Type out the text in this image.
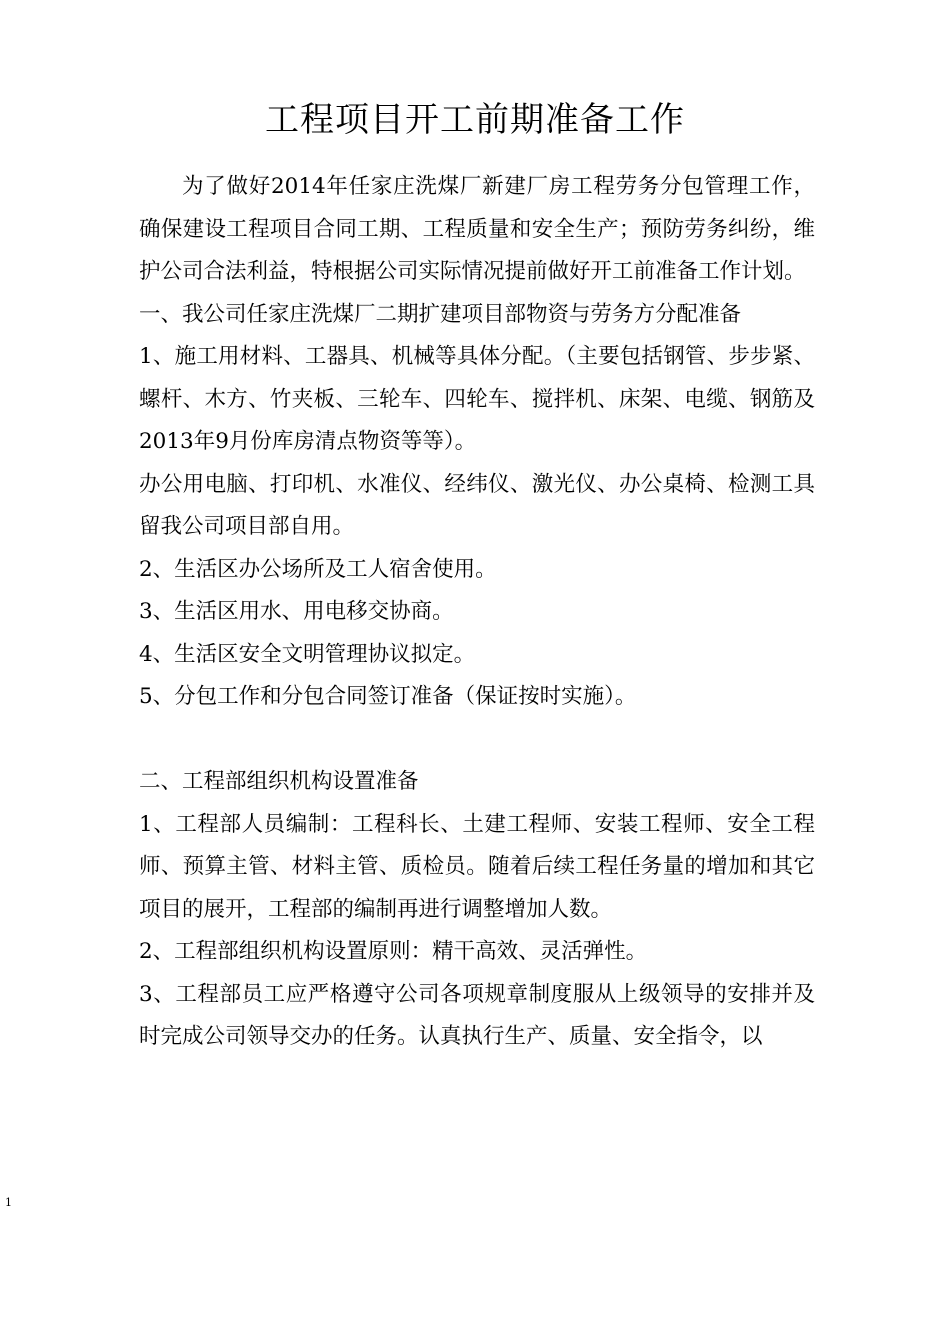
工程项目开工前期准备工作

为了做好2014年任家庄洗煤厂新建厂房工程劳务分包管理工作，确保建设工程项目合同工期、工程质量和安全生产；预防劳务纠纷，维护公司合法利益，特根据公司实际情况提前做好开工前准备工作计划。

一、我公司任家庄洗煤厂二期扩建项目部物资与劳务方分配准备

1、施工用材料、工器具、机械等具体分配。（主要包括钢管、步步紧、螺杆、木方、竹夹板、三轮车、四轮车、搅拌机、床架、电缆、钢筋及2013年9月份库房清点物资等等）。

办公用电脑、打印机、水准仪、经纬仪、激光仪、办公桌椅、检测工具留我公司项目部自用。

2、生活区办公场所及工人宿舍使用。

3、生活区用水、用电移交协商。

4、生活区安全文明管理协议拟定。

5、分包工作和分包合同签订准备（保证按时实施）。

二、工程部组织机构设置准备

1、工程部人员编制：工程科长、土建工程师、安装工程师、安全工程师、预算主管、材料主管、质检员。随着后续工程任务量的增加和其它项目的展开，工程部的编制再进行调整增加人数。

2、工程部组织机构设置原则：精干高效、灵活弹性。

3、工程部员工应严格遵守公司各项规章制度服从上级领导的安排并及时完成公司领导交办的任务。认真执行生产、质量、安全指令，以

1
